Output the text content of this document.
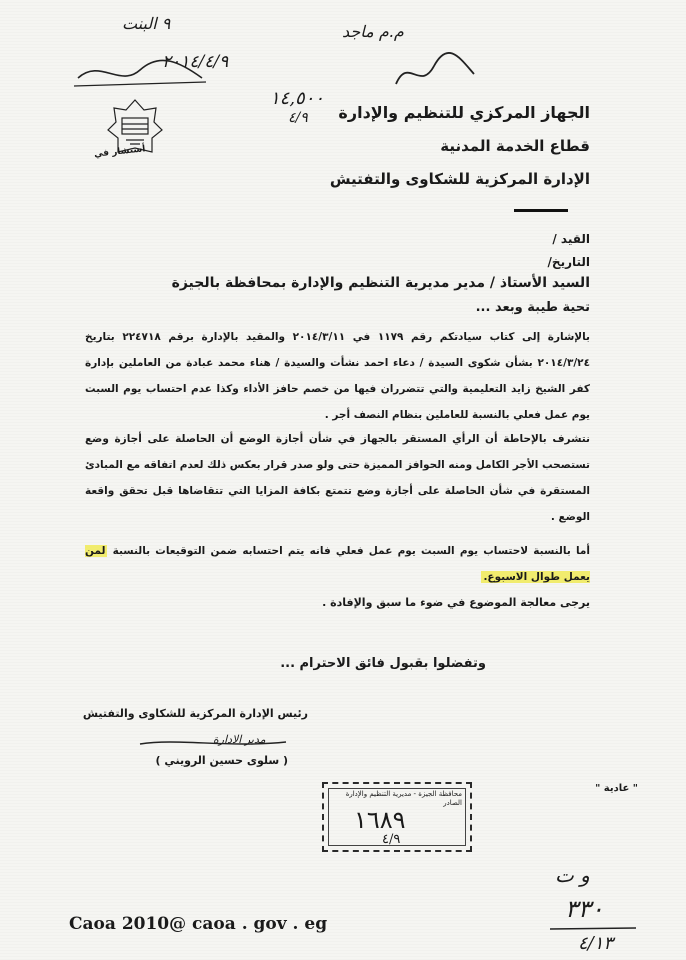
أستشار في
٩ البنت
٢٠١٤/٤/٩
م.م ماجد
١٤,٥٠٠
٤/٩ الجهاز المركزي للتنظيم والإدارة
قطاع الخدمة المدنية
الإدارة المركزية للشكاوى والتفتيش
القيد /
التاريخ/
السيد الأستاذ / مدير مديرية التنظيم والإدارة بمحافظة بالجيزة
تحية طيبة وبعد ...
بالإشارة إلى كتاب سيادتكم رقم ١١٧٩ في ٢٠١٤/٣/١١ والمقيد بالإدارة برقم ٢٢٤٧١٨ بتاريخ ٢٠١٤/٣/٢٤ بشأن شكوى السيدة / دعاء احمد نشأت والسيدة / هناء محمد عبادة من العاملين بإدارة كفر الشيخ زايد التعليمية والتي تتضرران فيها من خصم حافز الأداء وكذا عدم احتساب يوم السبت يوم عمل فعلي بالنسبة للعاملين بنظام النصف أجر .
نتشرف بالإحاطة أن الرأي المستقر بالجهاز في شأن أجازة الوضع أن الحاصلة على أجازة وضع تستصحب الأجر الكامل ومنه الحوافز المميزة حتى ولو صدر قرار بعكس ذلك لعدم اتفاقه مع المبادئ المستقرة في شأن الحاصلة على أجازة وضع تتمتع بكافة المزايا التي تتقاضاها قبل تحقق واقعة الوضع .
أما بالنسبة لاحتساب يوم السبت يوم عمل فعلي فانه يتم احتسابه ضمن التوقيعات بالنسبة لمن يعمل طوال الاسبوع.
يرجى معالجة الموضوع في ضوء ما سبق والإفادة .
وتفضلوا بقبول فائق الاحترام ...
رئيس الإدارة المركزية للشكاوى والتفتيش
مدير الادارة
( سلوى حسين الرويني )
" عادية "
محافظة الجيزة - مديرية التنظيم والإدارة
الصادر
١٦٨٩
٤/٩
و ت
٣٣٠
٤/١٣
Caoa 2010@ caoa . gov . eg
